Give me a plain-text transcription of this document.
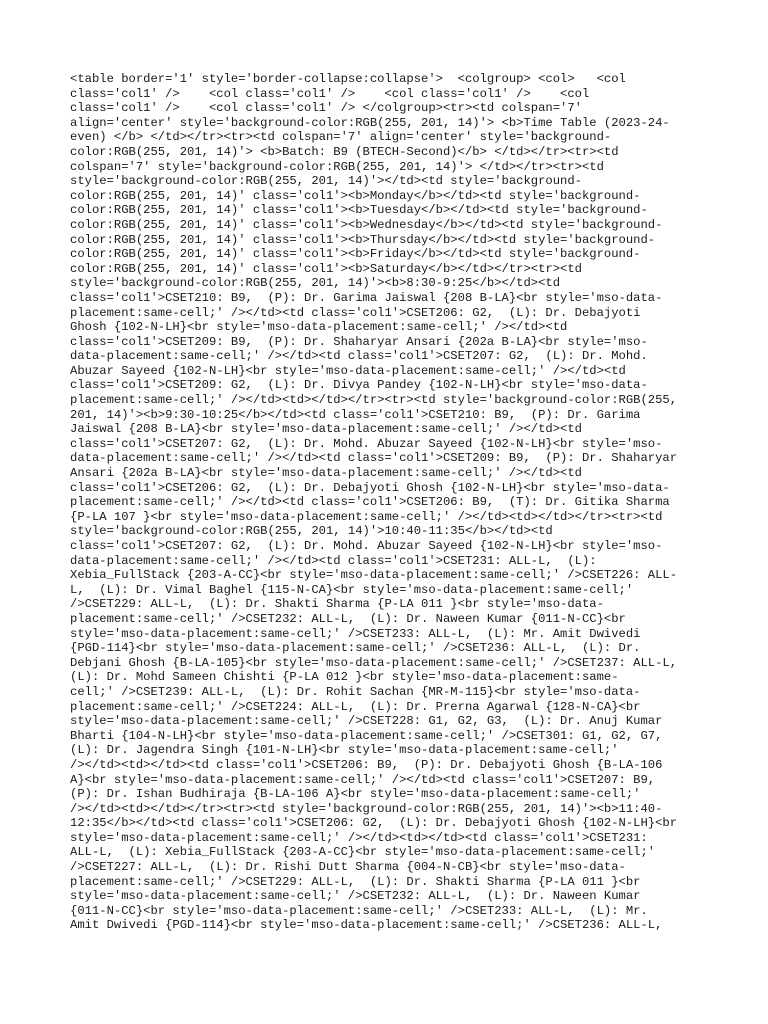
<table border='1' style='border-collapse:collapse'>  <colgroup> <col>   <col
class='col1' />    <col class='col1' />    <col class='col1' />    <col
class='col1' />    <col class='col1' /> </colgroup><tr><td colspan='7'
align='center' style='background-color:RGB(255, 201, 14)'> <b>Time Table (2023-24-
even) </b> </td></tr><tr><td colspan='7' align='center' style='background-
color:RGB(255, 201, 14)'> <b>Batch: B9 (BTECH-Second)</b> </td></tr><tr><td
colspan='7' style='background-color:RGB(255, 201, 14)'> </td></tr><tr><td
style='background-color:RGB(255, 201, 14)'></td><td style='background-
color:RGB(255, 201, 14)' class='col1'><b>Monday</b></td><td style='background-
color:RGB(255, 201, 14)' class='col1'><b>Tuesday</b></td><td style='background-
color:RGB(255, 201, 14)' class='col1'><b>Wednesday</b></td><td style='background-
color:RGB(255, 201, 14)' class='col1'><b>Thursday</b></td><td style='background-
color:RGB(255, 201, 14)' class='col1'><b>Friday</b></td><td style='background-
color:RGB(255, 201, 14)' class='col1'><b>Saturday</b></td></tr><tr><td
style='background-color:RGB(255, 201, 14)'><b>8:30-9:25</b></td><td
class='col1'>CSET210: B9,  (P): Dr. Garima Jaiswal {208 B-LA}<br style='mso-data-
placement:same-cell;' /></td><td class='col1'>CSET206: G2,  (L): Dr. Debajyoti
Ghosh {102-N-LH}<br style='mso-data-placement:same-cell;' /></td><td
class='col1'>CSET209: B9,  (P): Dr. Shaharyar Ansari {202a B-LA}<br style='mso-
data-placement:same-cell;' /></td><td class='col1'>CSET207: G2,  (L): Dr. Mohd.
Abuzar Sayeed {102-N-LH}<br style='mso-data-placement:same-cell;' /></td><td
class='col1'>CSET209: G2,  (L): Dr. Divya Pandey {102-N-LH}<br style='mso-data-
placement:same-cell;' /></td><td></td></tr><tr><td style='background-color:RGB(255,
201, 14)'><b>9:30-10:25</b></td><td class='col1'>CSET210: B9,  (P): Dr. Garima
Jaiswal {208 B-LA}<br style='mso-data-placement:same-cell;' /></td><td
class='col1'>CSET207: G2,  (L): Dr. Mohd. Abuzar Sayeed {102-N-LH}<br style='mso-
data-placement:same-cell;' /></td><td class='col1'>CSET209: B9,  (P): Dr. Shaharyar
Ansari {202a B-LA}<br style='mso-data-placement:same-cell;' /></td><td
class='col1'>CSET206: G2,  (L): Dr. Debajyoti Ghosh {102-N-LH}<br style='mso-data-
placement:same-cell;' /></td><td class='col1'>CSET206: B9,  (T): Dr. Gitika Sharma
{P-LA 107 }<br style='mso-data-placement:same-cell;' /></td><td></td></tr><tr><td
style='background-color:RGB(255, 201, 14)'>10:40-11:35</b></td><td
class='col1'>CSET207: G2,  (L): Dr. Mohd. Abuzar Sayeed {102-N-LH}<br style='mso-
data-placement:same-cell;' /></td><td class='col1'>CSET231: ALL-L,  (L):
Xebia_FullStack {203-A-CC}<br style='mso-data-placement:same-cell;' />CSET226: ALL-
L,  (L): Dr. Vimal Baghel {115-N-CA}<br style='mso-data-placement:same-cell;'
/>CSET229: ALL-L,  (L): Dr. Shakti Sharma {P-LA 011 }<br style='mso-data-
placement:same-cell;' />CSET232: ALL-L,  (L): Dr. Naween Kumar {011-N-CC}<br
style='mso-data-placement:same-cell;' />CSET233: ALL-L,  (L): Mr. Amit Dwivedi
{PGD-114}<br style='mso-data-placement:same-cell;' />CSET236: ALL-L,  (L): Dr.
Debjani Ghosh {B-LA-105}<br style='mso-data-placement:same-cell;' />CSET237: ALL-L,
(L): Dr. Mohd Sameen Chishti {P-LA 012 }<br style='mso-data-placement:same-
cell;' />CSET239: ALL-L,  (L): Dr. Rohit Sachan {MR-M-115}<br style='mso-data-
placement:same-cell;' />CSET224: ALL-L,  (L): Dr. Prerna Agarwal {128-N-CA}<br
style='mso-data-placement:same-cell;' />CSET228: G1, G2, G3,  (L): Dr. Anuj Kumar
Bharti {104-N-LH}<br style='mso-data-placement:same-cell;' />CSET301: G1, G2, G7,
(L): Dr. Jagendra Singh {101-N-LH}<br style='mso-data-placement:same-cell;'
/></td><td></td><td class='col1'>CSET206: B9,  (P): Dr. Debajyoti Ghosh {B-LA-106
A}<br style='mso-data-placement:same-cell;' /></td><td class='col1'>CSET207: B9,
(P): Dr. Ishan Budhiraja {B-LA-106 A}<br style='mso-data-placement:same-cell;'
/></td><td></td></tr><tr><td style='background-color:RGB(255, 201, 14)'><b>11:40-
12:35</b></td><td class='col1'>CSET206: G2,  (L): Dr. Debajyoti Ghosh {102-N-LH}<br
style='mso-data-placement:same-cell;' /></td><td></td><td class='col1'>CSET231:
ALL-L,  (L): Xebia_FullStack {203-A-CC}<br style='mso-data-placement:same-cell;'
/>CSET227: ALL-L,  (L): Dr. Rishi Dutt Sharma {004-N-CB}<br style='mso-data-
placement:same-cell;' />CSET229: ALL-L,  (L): Dr. Shakti Sharma {P-LA 011 }<br
style='mso-data-placement:same-cell;' />CSET232: ALL-L,  (L): Dr. Naween Kumar
{011-N-CC}<br style='mso-data-placement:same-cell;' />CSET233: ALL-L,  (L): Mr.
Amit Dwivedi {PGD-114}<br style='mso-data-placement:same-cell;' />CSET236: ALL-L,
